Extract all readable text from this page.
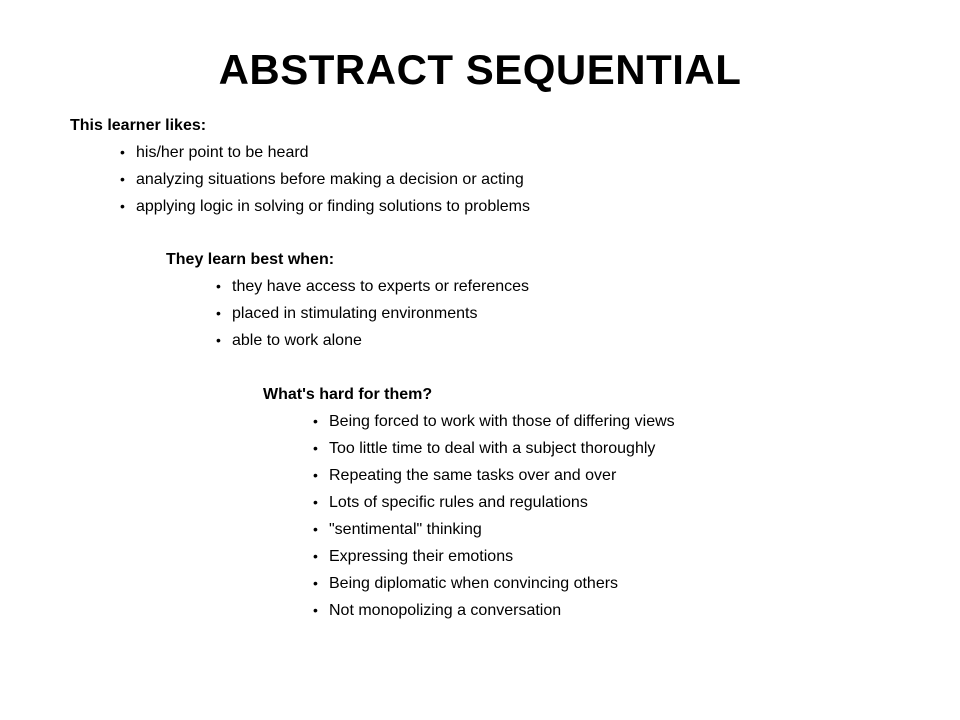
ABSTRACT SEQUENTIAL
This learner likes:
• his/her point to be heard
• analyzing situations before making a decision or acting
• applying logic in solving or finding solutions to problems
They learn best when:
• they have access to experts or references
• placed in stimulating environments
• able to work alone
What's hard for them?
• Being forced to work with those of differing views
• Too little time to deal with a subject thoroughly
• Repeating the same tasks over and over
• Lots of specific rules and regulations
• "sentimental" thinking
• Expressing their emotions
• Being diplomatic when convincing others
• Not monopolizing a conversation
